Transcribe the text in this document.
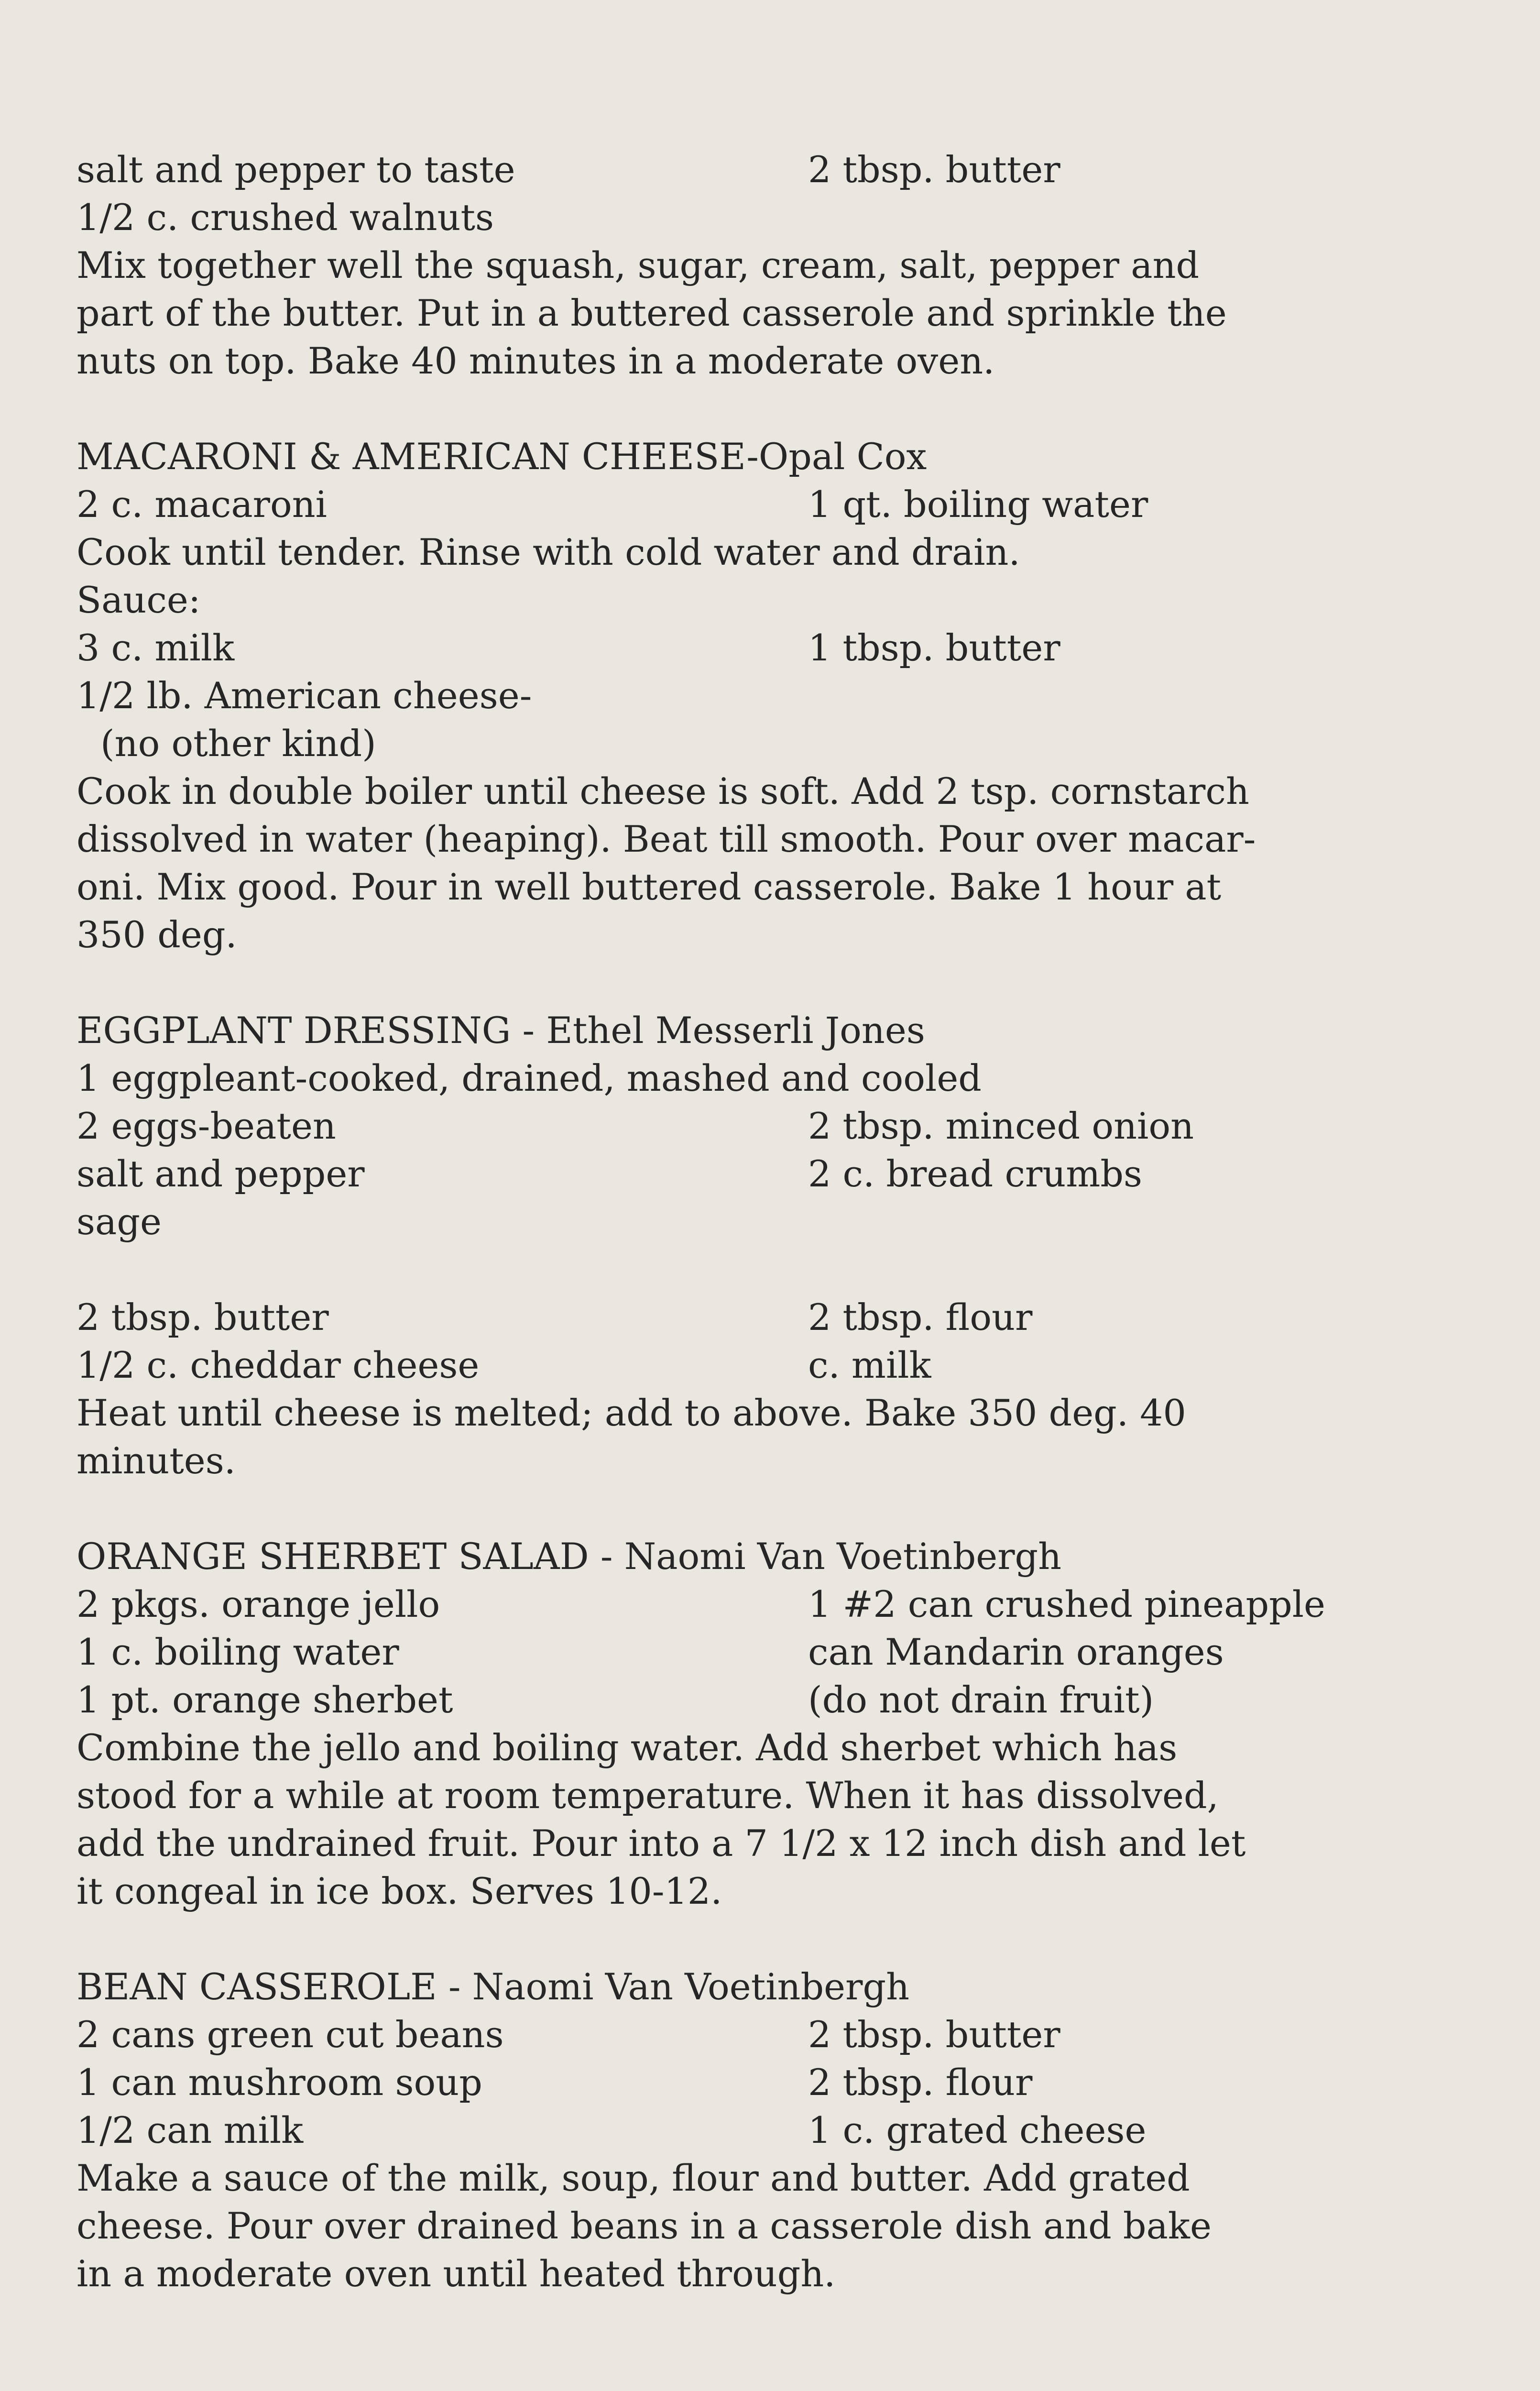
salt and pepper to taste	2 tbsp. butter
1/2 c. crushed walnuts
Mix together well the squash, sugar, cream, salt, pepper and
part of the butter. Put in a buttered casserole and sprinkle the
nuts on top. Bake 40 minutes in a moderate oven.
MACARONI & AMERICAN CHEESE-Opal Cox
2 c. macaroni	1 qt. boiling water
Cook until tender. Rinse with cold water and drain.
Sauce:
3 c. milk	1 tbsp. butter
1/2 lb. American cheese-
(no other kind)
Cook in double boiler until cheese is soft. Add 2 tsp. cornstarch
dissolved in water (heaping). Beat till smooth. Pour over macar-
oni. Mix good. Pour in well buttered casserole. Bake 1 hour at
350 deg.
EGGPLANT DRESSING - Ethel Messerli Jones
1 eggpleant-cooked, drained, mashed and cooled
2 eggs-beaten	2 tbsp. minced onion
salt and pepper	2 c. bread crumbs
sage
2 tbsp. butter	2 tbsp. flour
1/2 c. cheddar cheese	c. milk
Heat until cheese is melted; add to above. Bake 350 deg. 40
minutes.
ORANGE SHERBET SALAD - Naomi Van Voetinbergh
2 pkgs. orange jello	1 #2 can crushed pineapple
1 c. boiling water	can Mandarin oranges
1 pt. orange sherbet	(do not drain fruit)
Combine the jello and boiling water. Add sherbet which has
stood for a while at room temperature. When it has dissolved,
add the undrained fruit. Pour into a 7 1/2 x 12 inch dish and let
it congeal in ice box. Serves 10-12.
BEAN CASSEROLE - Naomi Van Voetinbergh
2 cans green cut beans	2 tbsp. butter
1 can mushroom soup	2 tbsp. flour
1/2 can milk	1 c. grated cheese
Make a sauce of the milk, soup, flour and butter. Add grated
cheese. Pour over drained beans in a casserole dish and bake
in a moderate oven until heated through.
